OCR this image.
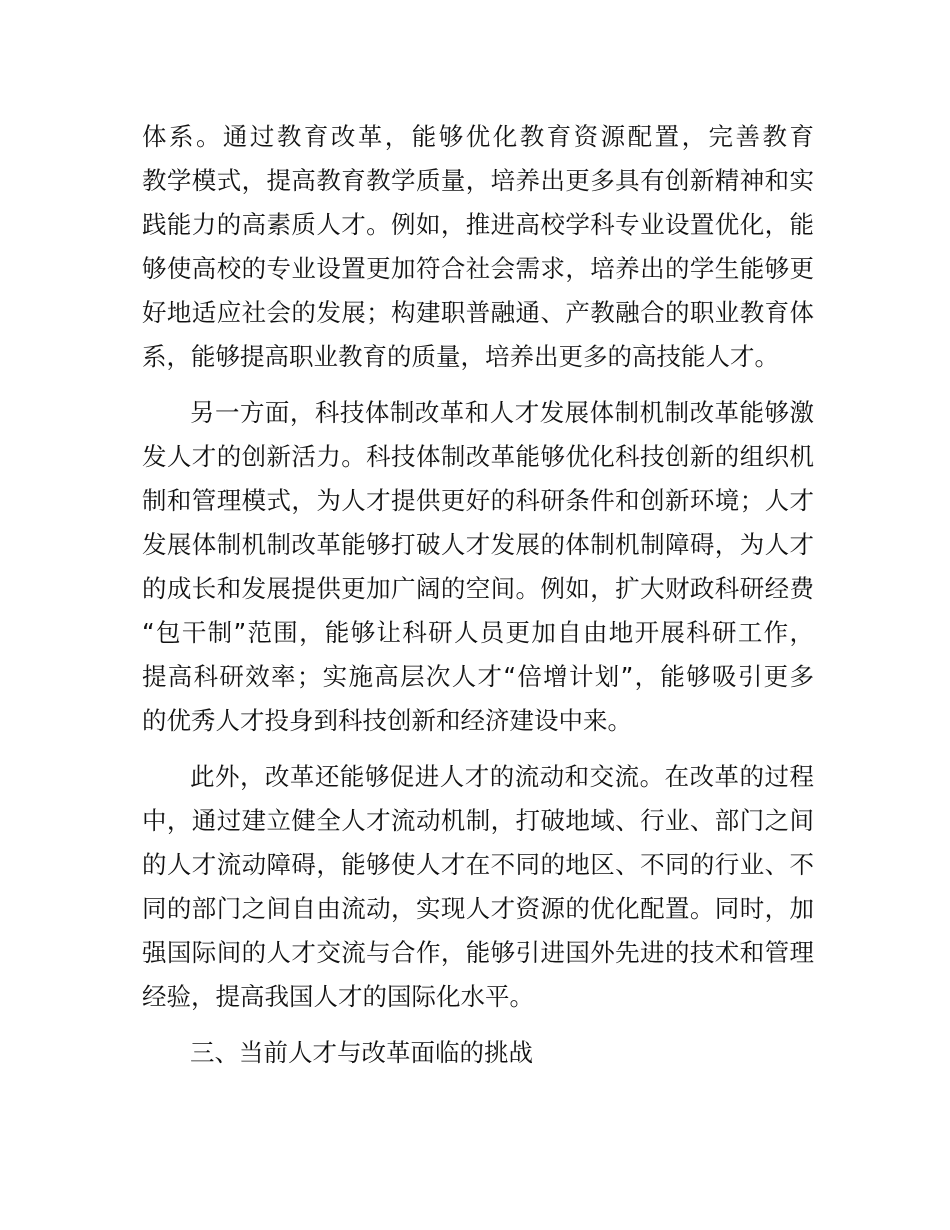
体系。通过教育改革，能够优化教育资源配置，完善教育
教学模式，提高教育教学质量，培养出更多具有创新精神和实
践能力的高素质人才。例如，推进高校学科专业设置优化，能
够使高校的专业设置更加符合社会需求，培养出的学生能够更
好地适应社会的发展；构建职普融通、产教融合的职业教育体
系，能够提高职业教育的质量，培养出更多的高技能人才。
另一方面，科技体制改革和人才发展体制机制改革能够激
发人才的创新活力。科技体制改革能够优化科技创新的组织机
制和管理模式，为人才提供更好的科研条件和创新环境；人才
发展体制机制改革能够打破人才发展的体制机制障碍，为人才
的成长和发展提供更加广阔的空间。例如，扩大财政科研经费
“包干制”范围，能够让科研人员更加自由地开展科研工作，
提高科研效率；实施高层次人才“倍增计划”，能够吸引更多
的优秀人才投身到科技创新和经济建设中来。
此外，改革还能够促进人才的流动和交流。在改革的过程
中，通过建立健全人才流动机制，打破地域、行业、部门之间
的人才流动障碍，能够使人才在不同的地区、不同的行业、不
同的部门之间自由流动，实现人才资源的优化配置。同时，加
强国际间的人才交流与合作，能够引进国外先进的技术和管理
经验，提高我国人才的国际化水平。
三、当前人才与改革面临的挑战
